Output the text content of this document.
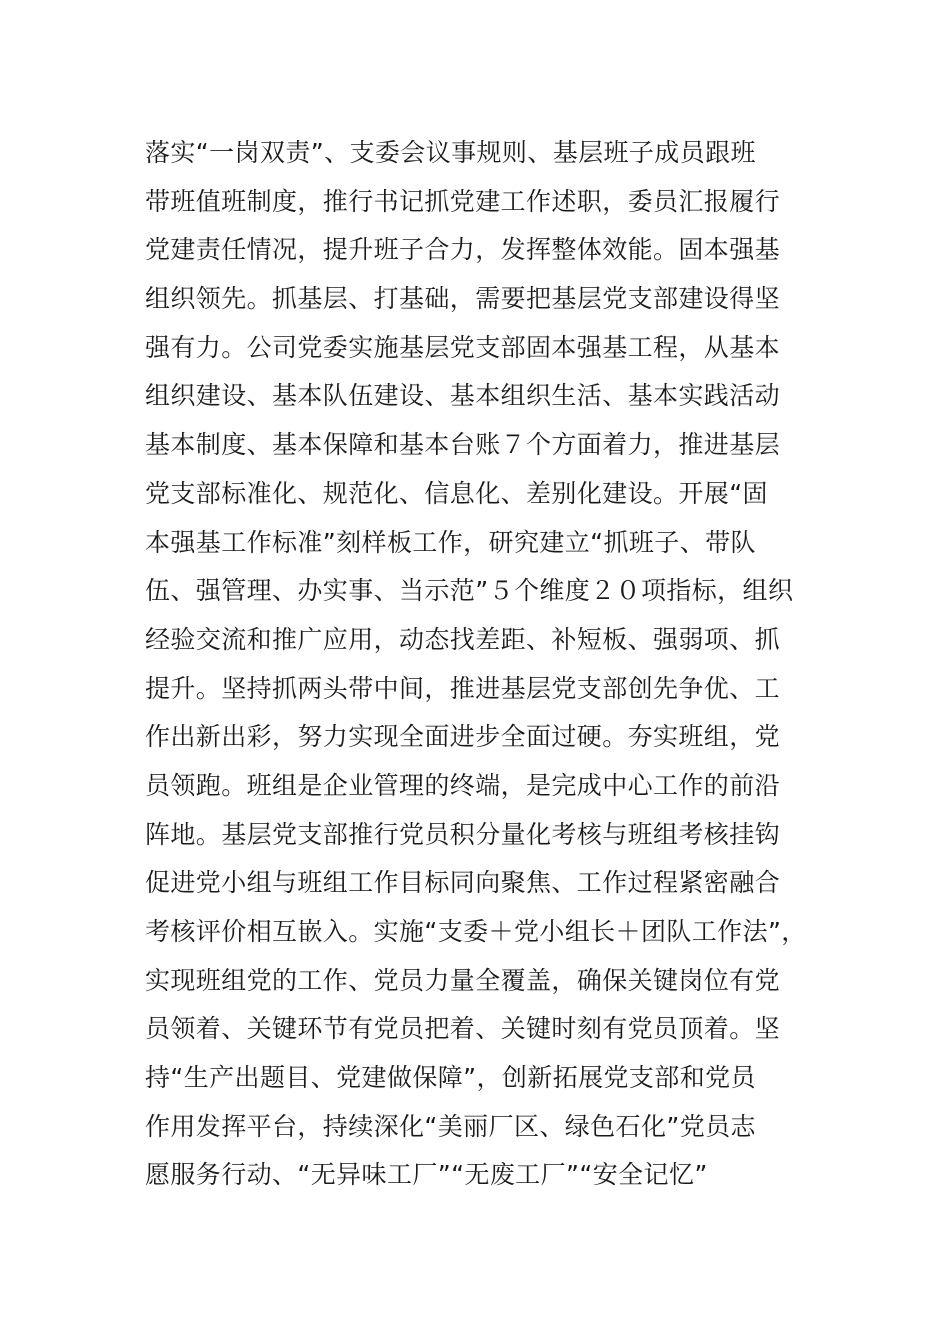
落实“一岗双责”、支委会议事规则、基层班子成员跟班
带班值班制度，推行书记抓党建工作述职，委员汇报履行
党建责任情况，提升班子合力，发挥整体效能。固本强基
组织领先。抓基层、打基础，需要把基层党支部建设得坚
强有力。公司党委实施基层党支部固本强基工程，从基本
组织建设、基本队伍建设、基本组织生活、基本实践活动
基本制度、基本保障和基本台账７个方面着力，推进基层
党支部标准化、规范化、信息化、差别化建设。开展“固
本强基工作标准”刻样板工作，研究建立“抓班子、带队
伍、强管理、办实事、当示范”５个维度２０项指标，组织
经验交流和推广应用，动态找差距、补短板、强弱项、抓
提升。坚持抓两头带中间，推进基层党支部创先争优、工
作出新出彩，努力实现全面进步全面过硬。夯实班组，党
员领跑。班组是企业管理的终端，是完成中心工作的前沿
阵地。基层党支部推行党员积分量化考核与班组考核挂钩
促进党小组与班组工作目标同向聚焦、工作过程紧密融合
考核评价相互嵌入。实施“支委＋党小组长＋团队工作法”，
实现班组党的工作、党员力量全覆盖，确保关键岗位有党
员领着、关键环节有党员把着、关键时刻有党员顶着。坚
持“生产出题目、党建做保障”，创新拓展党支部和党员
作用发挥平台，持续深化“美丽厂区、绿色石化”党员志
愿服务行动、“无异味工厂”“无废工厂”“安全记忆”
